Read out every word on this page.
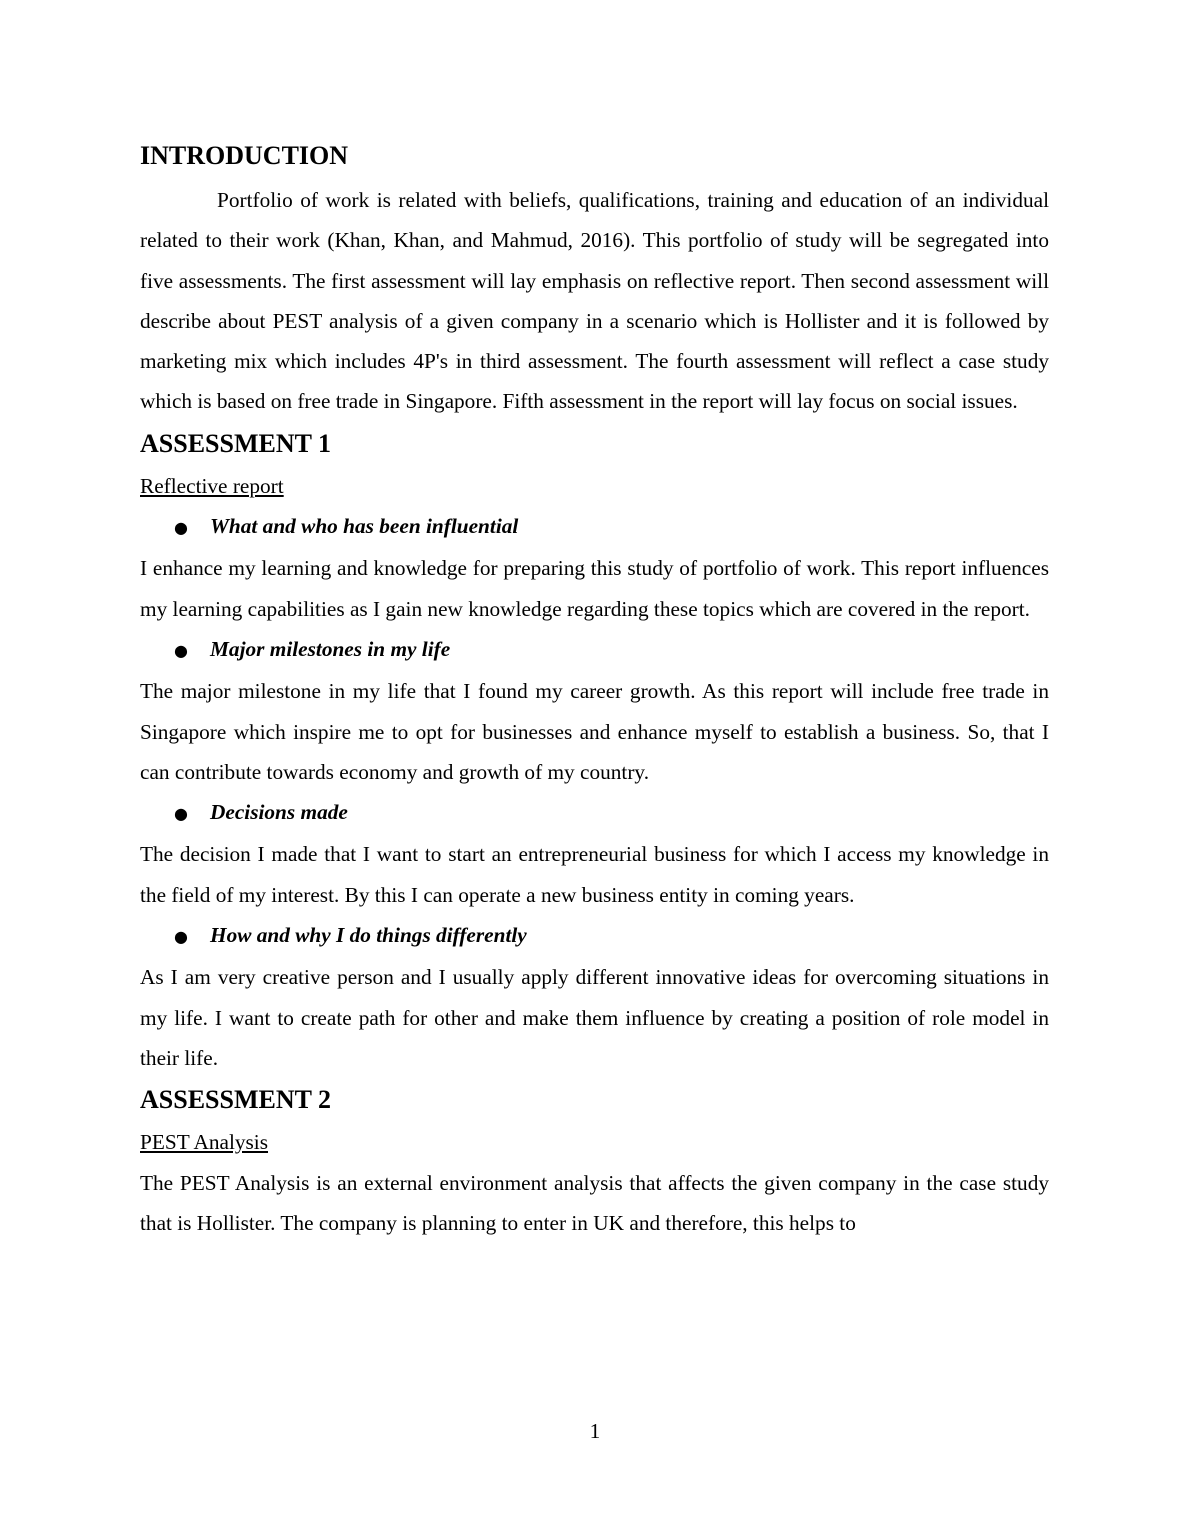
INTRODUCTION

Portfolio of work is related with beliefs, qualifications, training and education of an individual related to their work (Khan, Khan, and Mahmud, 2016). This portfolio of study will be segregated into five assessments. The first assessment will lay emphasis on reflective report. Then second assessment will describe about PEST analysis of a given company in a scenario which is Hollister and it is followed by marketing mix which includes 4P's in third assessment. The fourth assessment will reflect a case study which is based on free trade in Singapore. Fifth assessment in the report will lay focus on social issues.

ASSESSMENT 1
Reflective report
●	What and who has been influential

I enhance my learning and knowledge for preparing this study of portfolio of work. This report influences my learning capabilities as I gain new knowledge regarding these topics which are covered in the report.

●	Major milestones in my life

The major milestone in my life that I found my career growth. As this report will include free trade in Singapore which inspire me to opt for businesses and enhance myself to establish a business. So, that I can contribute towards economy and growth of my country.

●	Decisions made

The decision I made that I want to start an entrepreneurial business for which I access my knowledge in the field of my interest. By this I can operate a new business entity in coming years.

●	How and why I do things differently

As I am very creative person and I usually apply different innovative ideas for overcoming situations in my life. I want to create path for other and make them influence by creating a position of role model in their life.

ASSESSMENT 2
PEST Analysis

The PEST Analysis is an external environment analysis that affects the given company in the case study that is Hollister. The company is planning to enter in UK and therefore, this helps to

1
